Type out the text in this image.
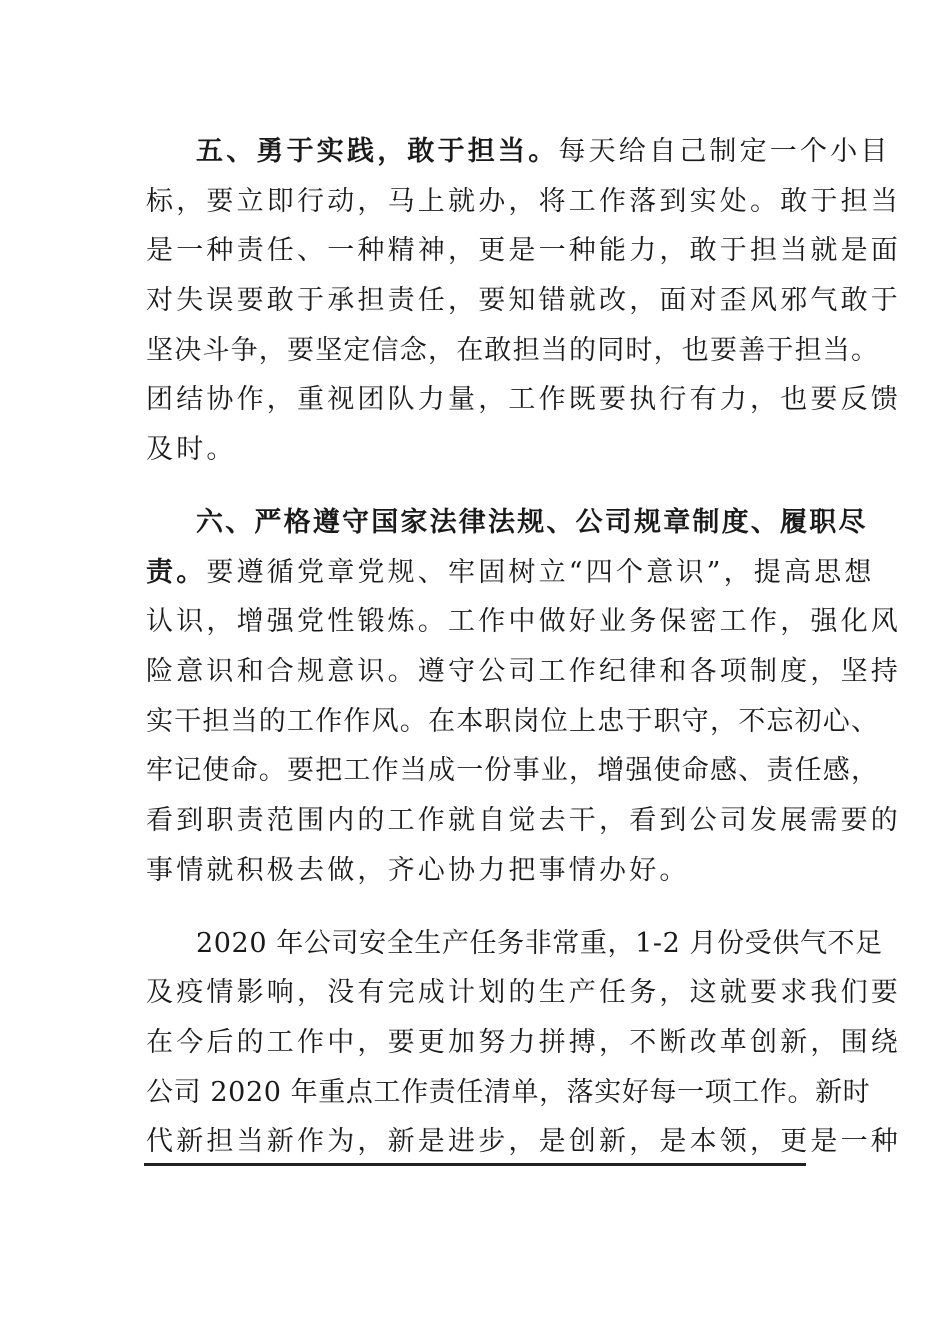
五、勇于实践，敢于担当。每天给自己制定一个小目
标，要立即行动，马上就办，将工作落到实处。敢于担当
是一种责任、一种精神，更是一种能力，敢于担当就是面
对失误要敢于承担责任，要知错就改，面对歪风邪气敢于
坚决斗争，要坚定信念，在敢担当的同时，也要善于担当。
团结协作，重视团队力量，工作既要执行有力，也要反馈
及时。
六、严格遵守国家法律法规、公司规章制度、履职尽
责。要遵循党章党规、牢固树立“四个意识”，提高思想
认识，增强党性锻炼。工作中做好业务保密工作，强化风
险意识和合规意识。遵守公司工作纪律和各项制度，坚持
实干担当的工作作风。在本职岗位上忠于职守，不忘初心、
牢记使命。要把工作当成一份事业，增强使命感、责任感，
看到职责范围内的工作就自觉去干，看到公司发展需要的
事情就积极去做，齐心协力把事情办好。
2020 年公司安全生产任务非常重，1-2 月份受供气不足
及疫情影响，没有完成计划的生产任务，这就要求我们要
在今后的工作中，要更加努力拼搏，不断改革创新，围绕
公司 2020 年重点工作责任清单，落实好每一项工作。新时
代新担当新作为，新是进步，是创新，是本领，更是一种
